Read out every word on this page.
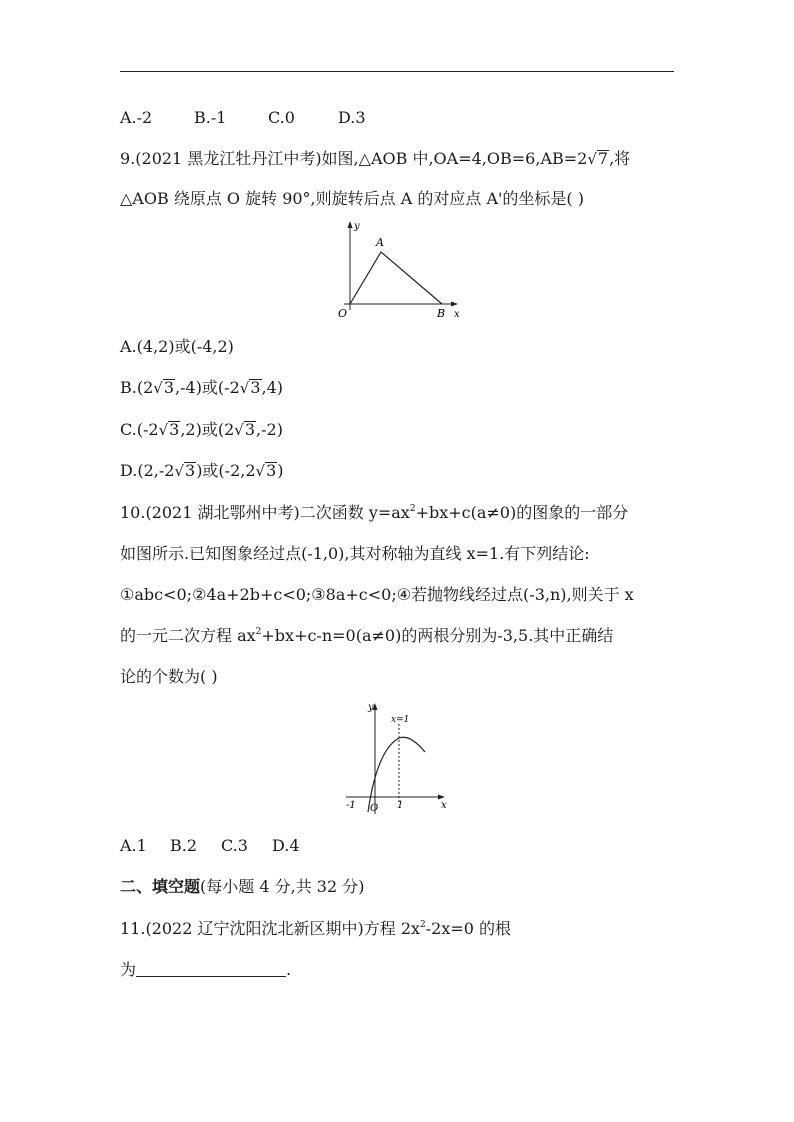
A.-2	B.-1	C.0	D.3
9.(2021 黑龙江牡丹江中考)如图,△AOB 中,OA=4,OB=6,AB=2√7,将
△AOB 绕原点 O 旋转 90°,则旋转后点 A 的对应点 A'的坐标是( )
y
A
O	B x
A.(4,2)或(-4,2)
B.(2√3,-4)或(-2√3,4)
C.(-2√3,2)或(2√3,-2)
D.(2,-2√3)或(-2,2√3)
10.(2021 湖北鄂州中考)二次函数 $y=ax^2+bx+c(a\ne 0)$的图象的一部分
如图所示.已知图象经过点(-1,0),其对称轴为直线 x=1.有下列结论:
①abc<0;②4a+2b+c<0;③8a+c<0;④若抛物线经过点(-3,n),则关于 x
的一元二次方程 $ax^2+bx+c-n=0(a\ne 0)$的两根分别为-3,5.其中正确结
论的个数为( )
y
x=1
-1 O 1	x
A.1 B.2 C.3 D.4
二、填空题(每小题 4 分,共 32 分)
11.(2022 辽宁沈阳沈北新区期中)方程 $2x^2-2x=0$ 的根
为	.
